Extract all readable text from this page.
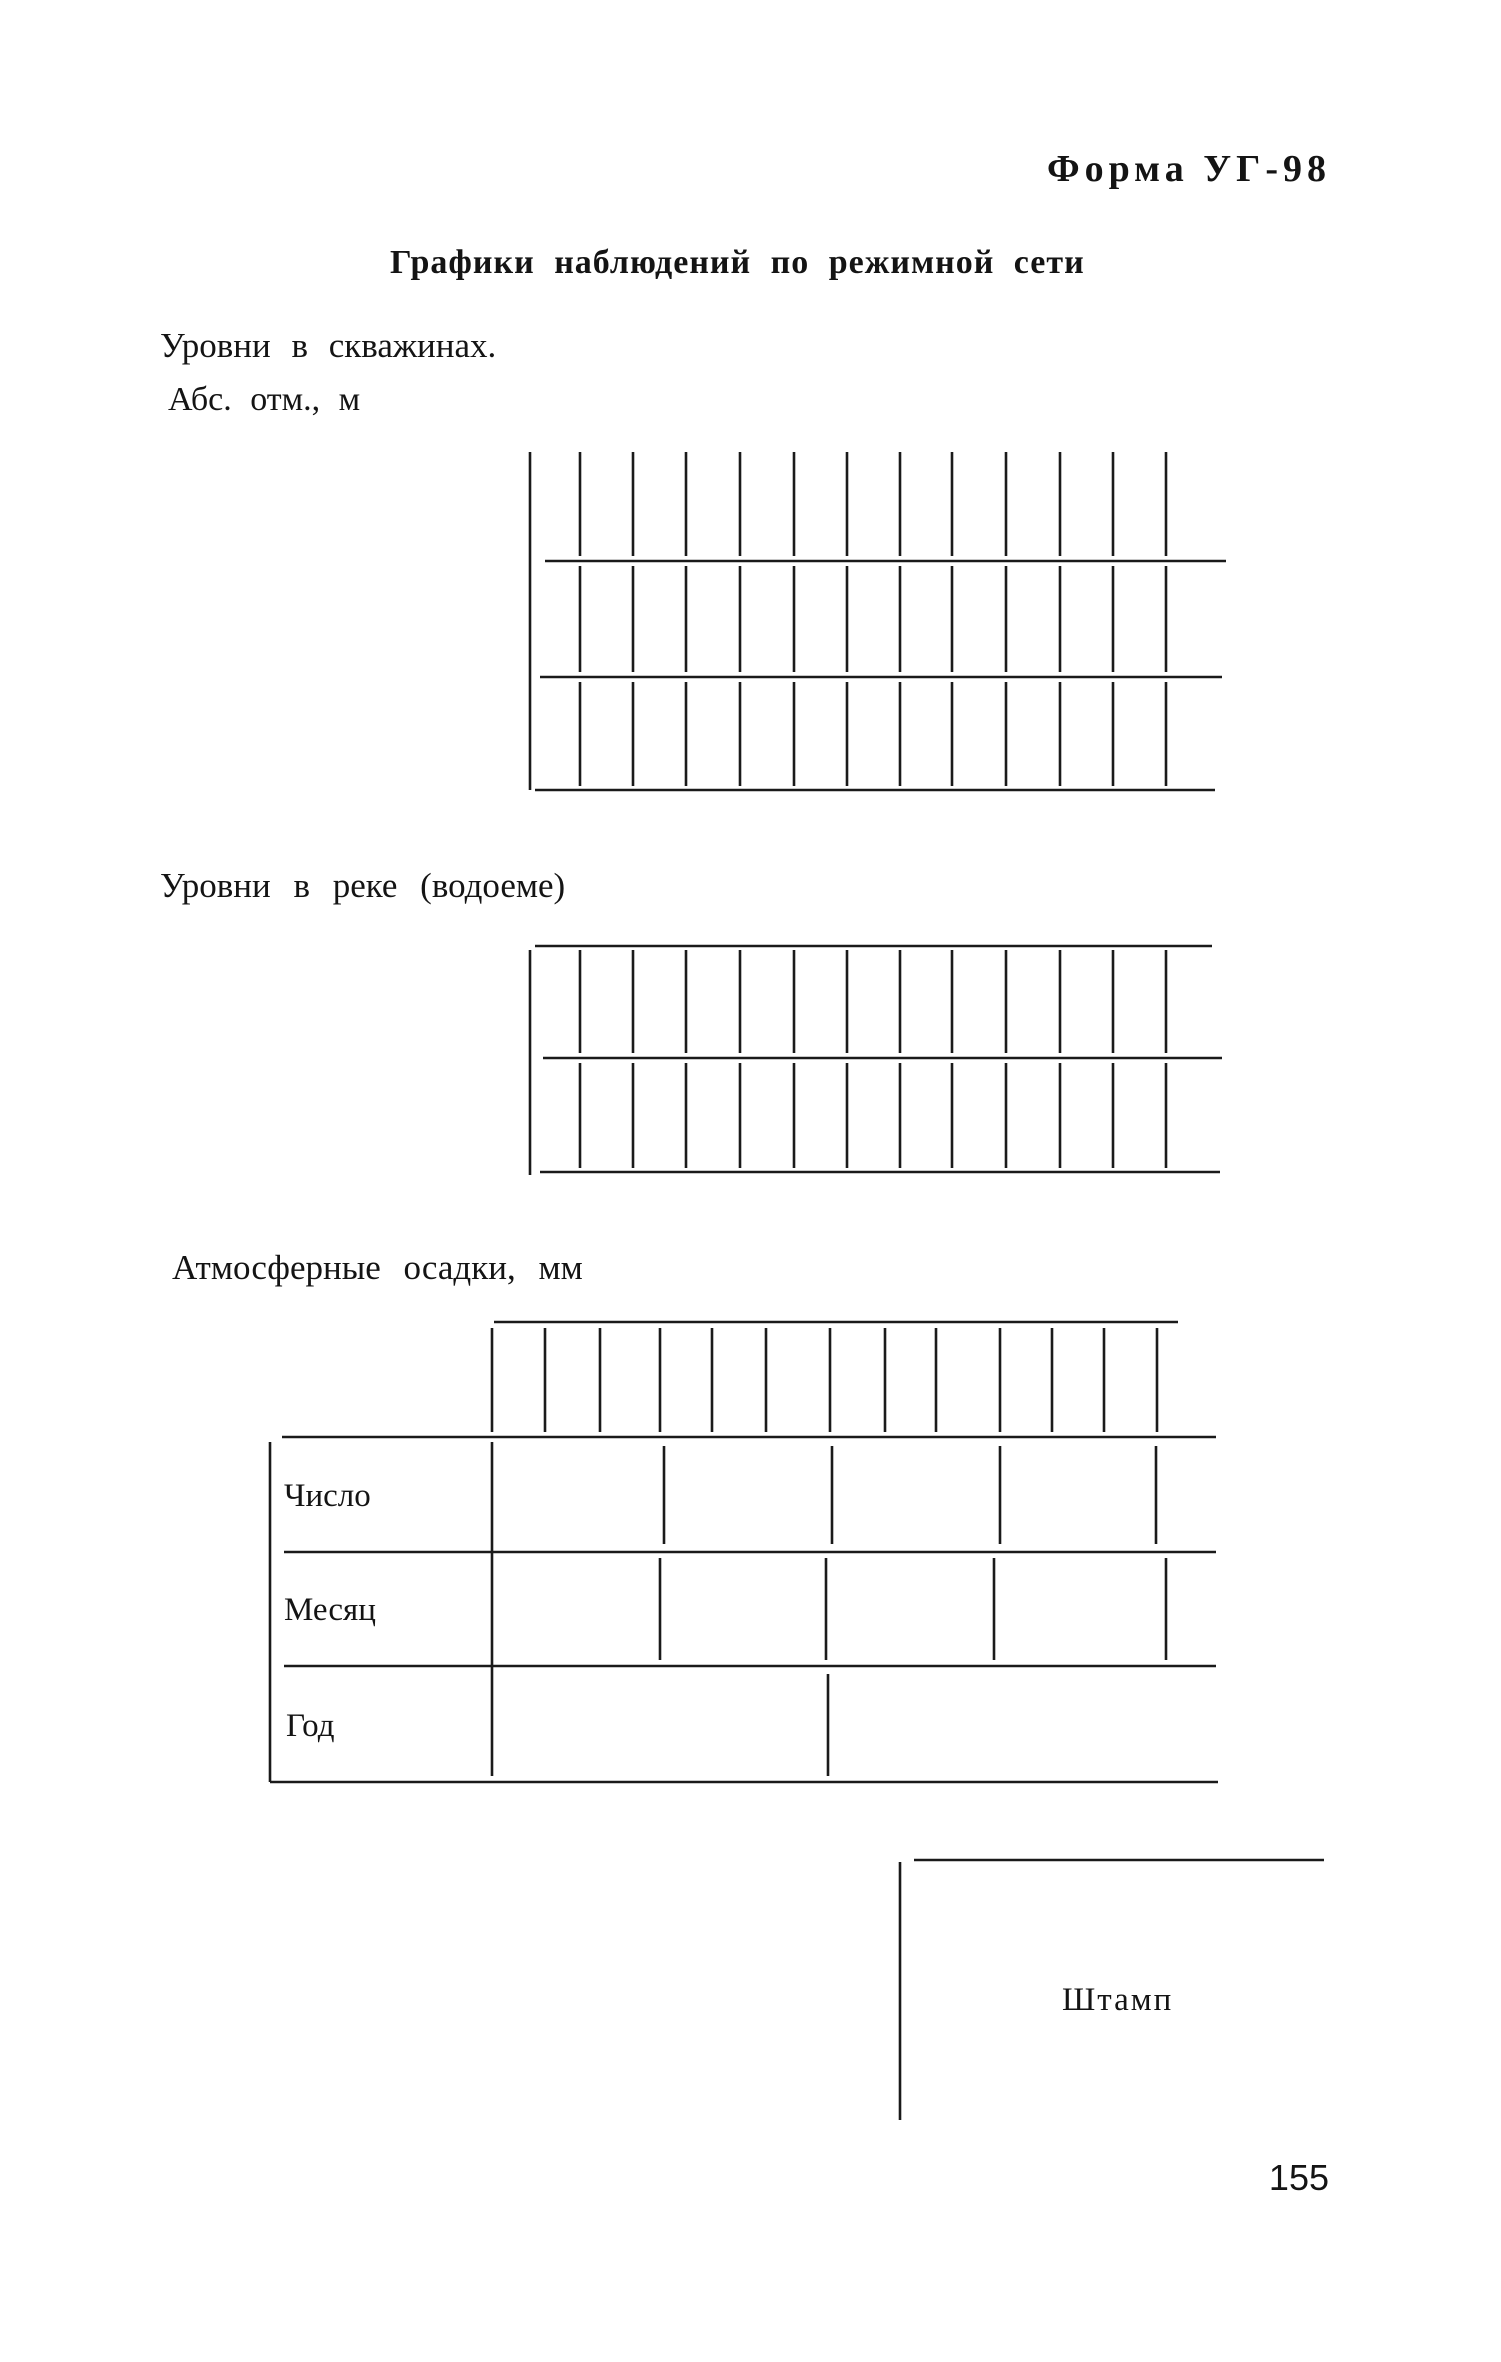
Форма УГ-98
Графики наблюдений по режимной сети
Уровни в скважинах.
Абс. отм., м
Уровни в реке (водоеме)
Атмосферные осадки, мм
Число
Месяц
Год
Штамп
155
